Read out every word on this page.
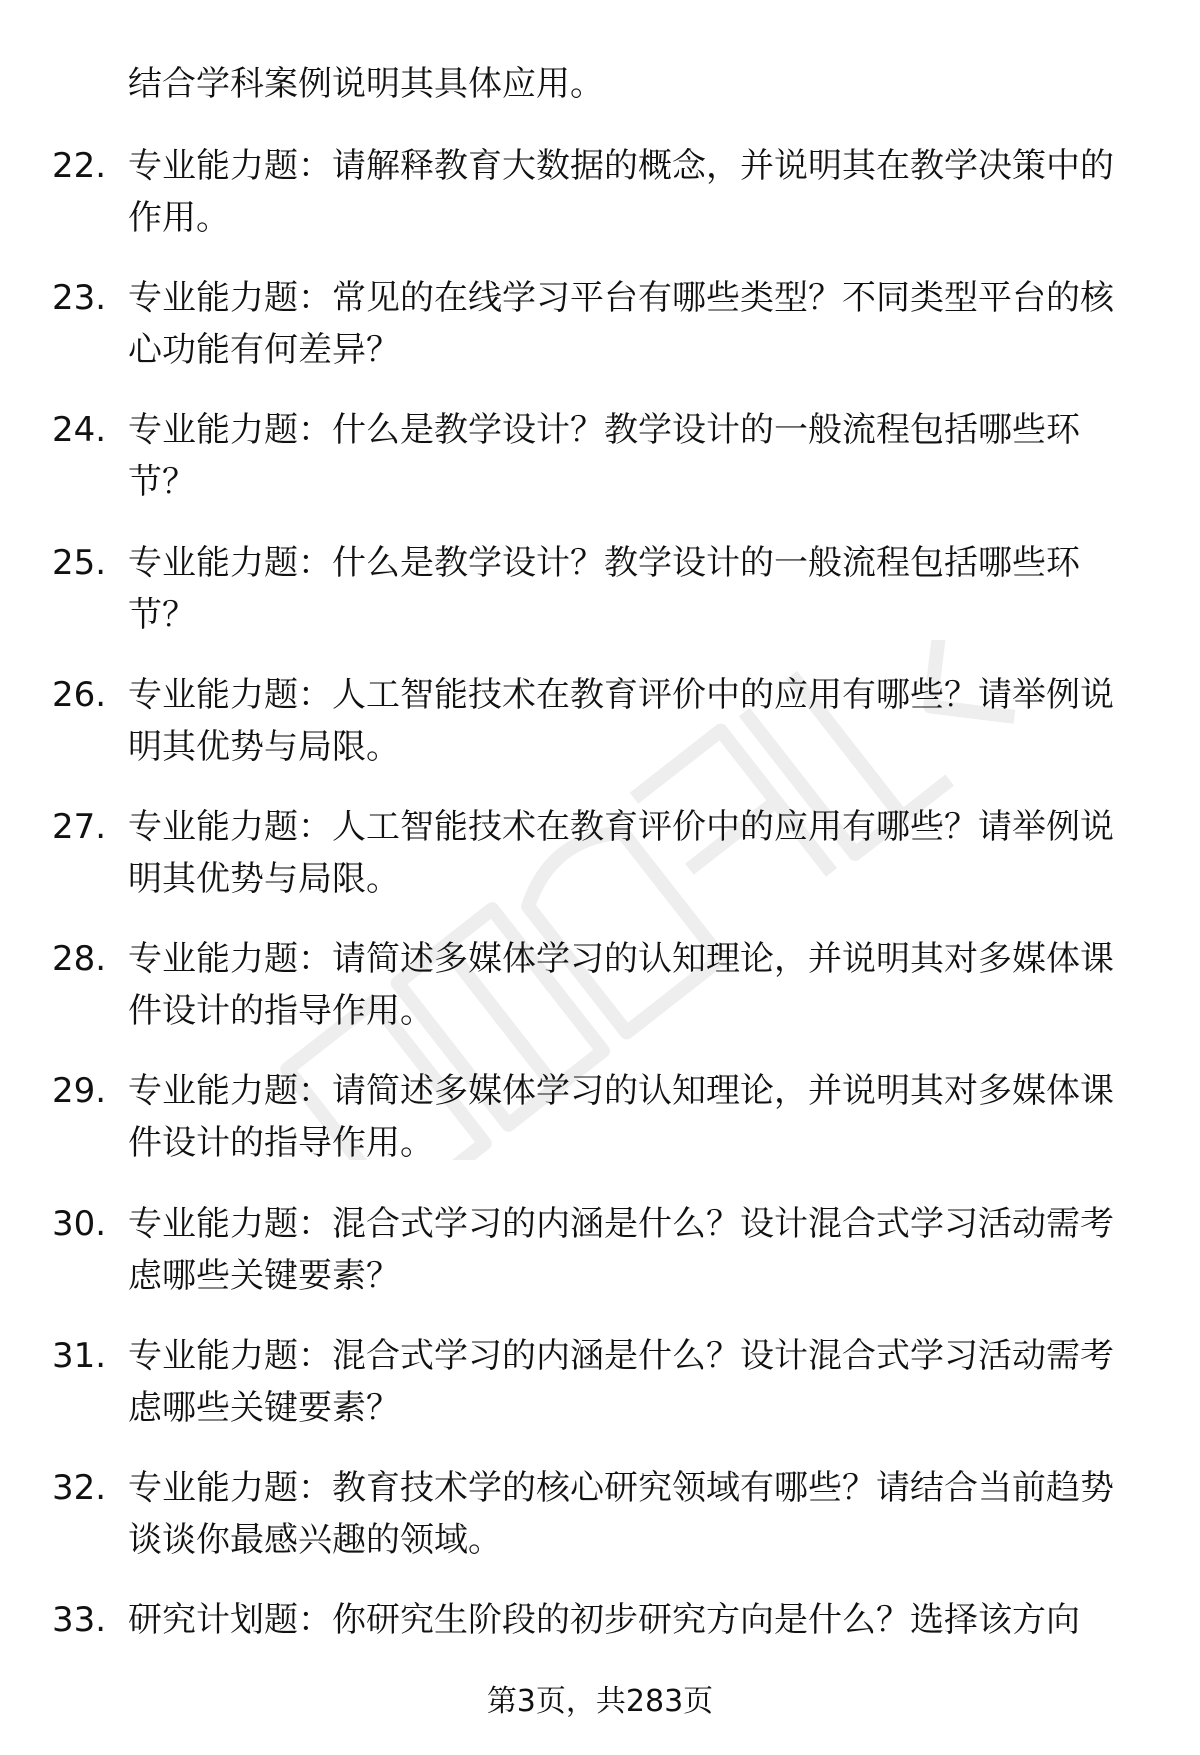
结合学科案例说明其具体应用。

22. 专业能力题：请解释教育大数据的概念，并说明其在教学决策中的作用。
23. 专业能力题：常见的在线学习平台有哪些类型？不同类型平台的核心功能有何差异？
24. 专业能力题：什么是教学设计？教学设计的一般流程包括哪些环节？
25. 专业能力题：什么是教学设计？教学设计的一般流程包括哪些环节？
26. 专业能力题：人工智能技术在教育评价中的应用有哪些？请举例说明其优势与局限。
27. 专业能力题：人工智能技术在教育评价中的应用有哪些？请举例说明其优势与局限。
28. 专业能力题：请简述多媒体学习的认知理论，并说明其对多媒体课件设计的指导作用。
29. 专业能力题：请简述多媒体学习的认知理论，并说明其对多媒体课件设计的指导作用。
30. 专业能力题：混合式学习的内涵是什么？设计混合式学习活动需考虑哪些关键要素？
31. 专业能力题：混合式学习的内涵是什么？设计混合式学习活动需考虑哪些关键要素？
32. 专业能力题：教育技术学的核心研究领域有哪些？请结合当前趋势谈谈你最感兴趣的领域。
33. 研究计划题：你研究生阶段的初步研究方向是什么？选择该方向
第3页，共283页
